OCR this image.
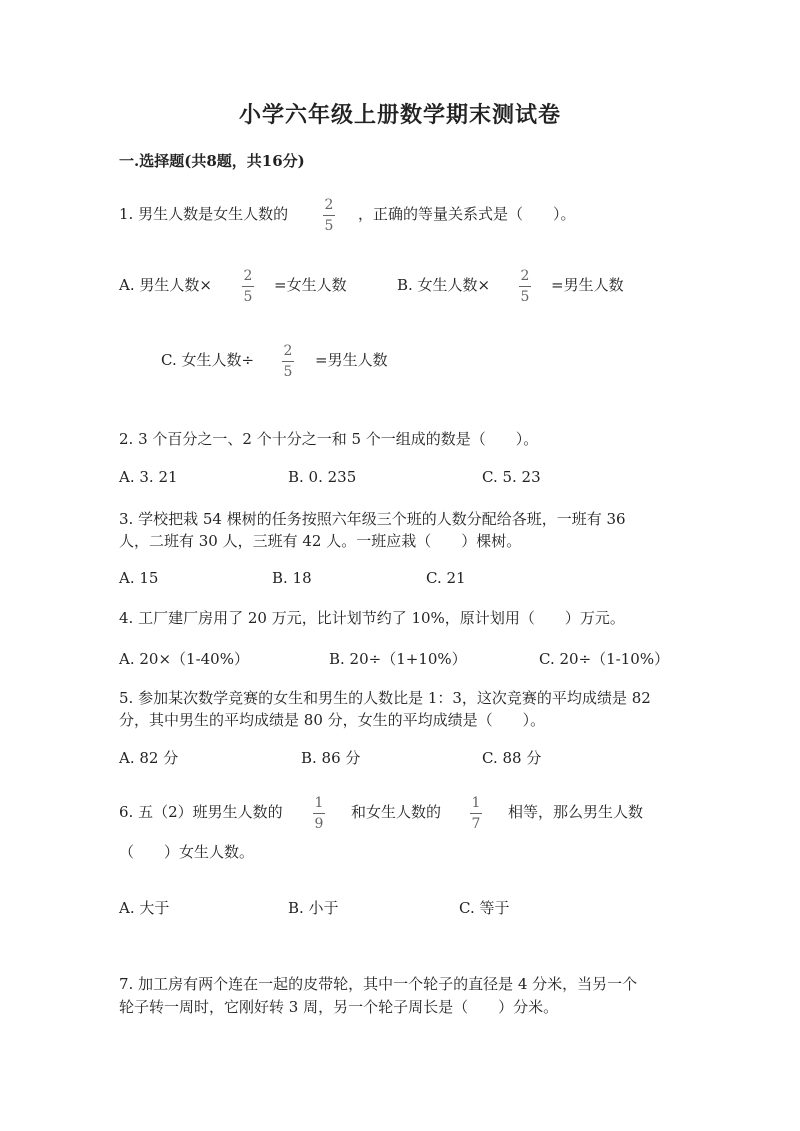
小学六年级上册数学期末测试卷
一.选择题(共8题，共16分)
1. 男生人数是女生人数的	2
5
，正确的等量关系式是（　　）。
A. 男生人数× 2
5
=女生人数	B. 女生人数× 2
5
=男生人数
C. 女生人数÷ 2
5
=男生人数
2. 3 个百分之一、2 个十分之一和 5 个一组成的数是（　　）。
A. 3. 21	B. 0. 235	C. 5. 23
3. 学校把栽 54 棵树的任务按照六年级三个班的人数分配给各班，一班有 36
人，二班有 30 人，三班有 42 人。一班应栽（　　）棵树。
A. 15	B. 18	C. 21
4. 工厂建厂房用了 20 万元，比计划节约了 10%，原计划用（　　）万元。
A. 20×（1-40%）	B. 20÷（1+10%）	C. 20÷（1-10%）
5. 参加某次数学竞赛的女生和男生的人数比是 1：3，这次竞赛的平均成绩是 82
分，其中男生的平均成绩是 80 分，女生的平均成绩是（　　）。
A. 82 分	B. 86 分	C. 88 分
6. 五（2）班男生人数的 1
9
和女生人数的 1
7
相等，那么男生人数
（　　）女生人数。
A. 大于	B. 小于	C. 等于
7. 加工房有两个连在一起的皮带轮，其中一个轮子的直径是 4 分米，当另一个
轮子转一周时，它刚好转 3 周，另一个轮子周长是（　　）分米。
